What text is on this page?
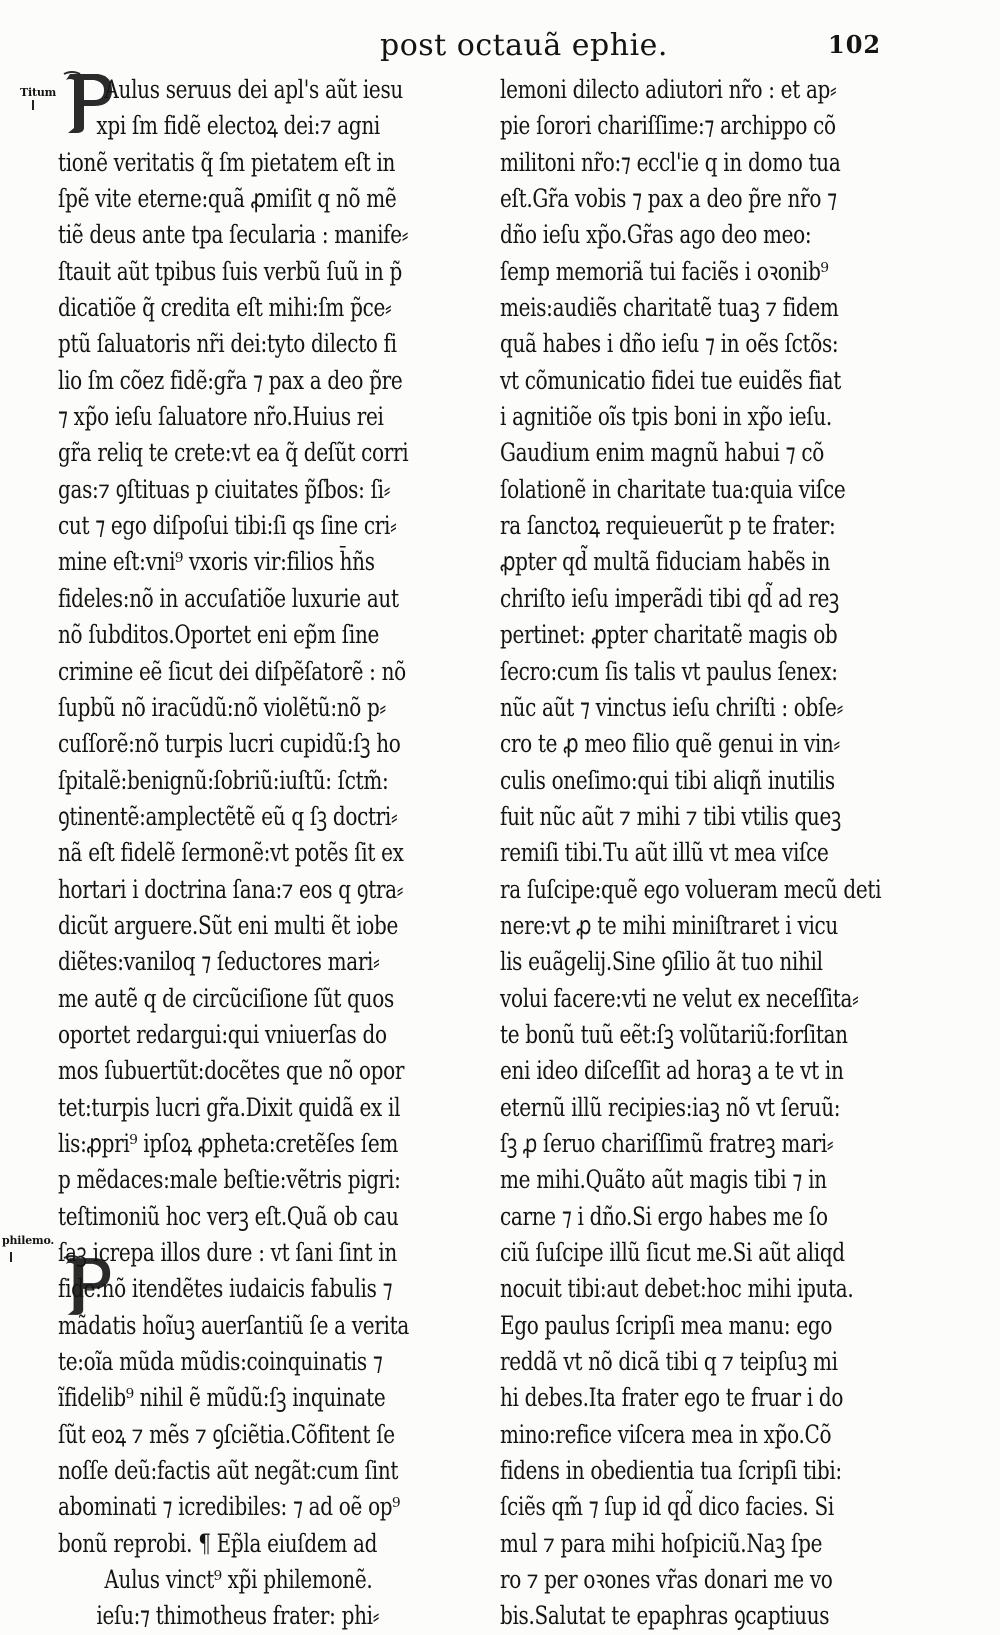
post octauã ephie.	102
Titum
philemo.
Aulus seruus dei apl's aũt iesu
xpi ſm fidẽ electoꝝ dei:⁊ agni
tionẽ veritatis q̃ ſm pietatem eſt in
ſpẽ vite eterne:quã ꝓmiſit q nõ mẽ
tiẽ deus ante tpa ſecularia : manife⸗
ſtauit aũt tpibus ſuis verbũ ſuũ in p̃
dicatiõe q̃ credita eſt mihi:ſm p̃ce⸗
ptũ ſaluatoris nr̃i dei:tyto dilecto fi
lio ſm cõez fidẽ:gr̃a ⁊ pax a deo p̃re
⁊ xp̃o ieſu ſaluatore nr̃o.Huius rei
gr̃a reliq te crete:vt ea q̃ deſũt corri
gas:⁊ ꝯſtituas p ciuitates p̃ſbos: ſi⸗
cut ⁊ ego diſpoſui tibi:ſi qs ſine cri⸗
mine eſt:vni⁹ vxoris vir:filios h̄ñs
fideles:nõ in accuſatiõe luxurie aut
nõ ſubditos.Oportet eni ep̃m ſine
crimine eẽ ſicut dei diſpẽſatorẽ : nõ
ſupbũ nõ iracũdũ:nõ violẽtũ:nõ p⸗
cuſſorẽ:nõ turpis lucri cupidũ:ſꝫ ho
ſpitalẽ:benignũ:ſobriũ:iuſtũ: ſctm̃:
ꝯtinentẽ:amplectẽtẽ eũ q ſꝫ doctri⸗
nã eſt fidelẽ ſermonẽ:vt potẽs ſit ex
hortari i doctrina ſana:⁊ eos q ꝯtra⸗
dicũt arguere.Sũt eni multi ẽt iobe
diẽtes:vaniloq ⁊ ſeductores mari⸗
me autẽ q de circũciſione ſũt quos
oportet redargui:qui vniuerſas do
mos ſubuertũt:docẽtes que nõ opor
tet:turpis lucri gr̃a.Dixit quidã ex il
lis:ꝓpri⁹ ipſoꝝ ꝓpheta:cretẽſes ſem
p mẽdaces:male beſtie:vẽtris pigri:
teſtimoniũ hoc verꝫ eſt.Quã ob cau
ſaꝫ icrepa illos dure : vt ſani ſint in
fide:nõ itendẽtes iudaicis fabulis ⁊
mãdatis hoĩuꝫ auerſantiũ ſe a verita
te:oĩa mũda mũdis:coinquinatis ⁊
ĩfidelib⁹ nihil ẽ mũdũ:ſꝫ inquinate
ſũt eoꝝ ⁊ mẽs ⁊ ꝯſciẽtia.Cõfitent ſe
noſſe deũ:factis aũt negãt:cum ſint
abominati ⁊ icredibiles: ⁊ ad oẽ op⁹
bonũ reprobi. ¶ Ep̃la eiuſdem ad
Aulus vinct⁹ xp̃i philemonẽ.
ieſu:⁊ thimotheus frater: phi⸗
lemoni dilecto adiutori nr̃o : et ap⸗
pie ſorori chariſſime:⁊ archippo cõ
militoni nr̃o:⁊ eccl'ie q in domo tua
eſt.Gr̃a vobis ⁊ pax a deo p̃re nr̃o ⁊
dño ieſu xp̃o.Gr̃as ago deo meo:
ſemp memoriã tui faciẽs i oꝛonib⁹
meis:audiẽs charitatẽ tuaꝫ ⁊ fidem
quã habes i dño ieſu ⁊ in oẽs ſctõs:
vt cõmunicatio fidei tue euidẽs fiat
i agnitiõe oĩs tpis boni in xp̃o ieſu.
Gaudium enim magnũ habui ⁊ cõ
ſolationẽ in charitate tua:quia viſce
ra ſanctoꝝ requieuerũt p te frater:
ꝓpter qd̃ multã fiduciam habẽs in
chriſto ieſu imperãdi tibi qd̃ ad reꝫ
pertinet: ꝓpter charitatẽ magis ob
ſecro:cum ſis talis vt paulus ſenex:
nũc aũt ⁊ vinctus ieſu chriſti : obſe⸗
cro te ꝓ meo filio quẽ genui in vin⸗
culis oneſimo:qui tibi aliqñ inutilis
fuit nũc aũt ⁊ mihi ⁊ tibi vtilis queꝫ
remiſi tibi.Tu aũt illũ vt mea viſce
ra ſuſcipe:quẽ ego volueram mecũ deti
nere:vt ꝓ te mihi miniſtraret i vicu
lis euãgelij.Sine ꝯſilio ãt tuo nihil
volui facere:vti ne velut ex neceſſita⸗
te bonũ tuũ eẽt:ſꝫ volũtariũ:forſitan
eni ideo diſceſſit ad horaꝫ a te vt in
eternũ illũ recipies:iaꝫ nõ vt ſeruũ:
ſꝫ ꝓ ſeruo chariſſimũ fratreꝫ mari⸗
me mihi.Quãto aũt magis tibi ⁊ in
carne ⁊ i dño.Si ergo habes me ſo
ciũ ſuſcipe illũ ſicut me.Si aũt aliqd
nocuit tibi:aut debet:hoc mihi iputa.
Ego paulus ſcripſi mea manu: ego
reddã vt nõ dicã tibi q ⁊ teipſuꝫ mi
hi debes.Ita frater ego te fruar i do
mino:refice viſcera mea in xp̃o.Cõ
fidens in obedientia tua ſcripſi tibi:
ſciẽs qm̃ ⁊ ſup id qd̃ dico facies. Si
mul ⁊ para mihi hoſpiciũ.Naꝫ ſpe
ro ⁊ per oꝛones vr̃as donari me vo
bis.Salutat te epaphras ꝯcaptiuus
